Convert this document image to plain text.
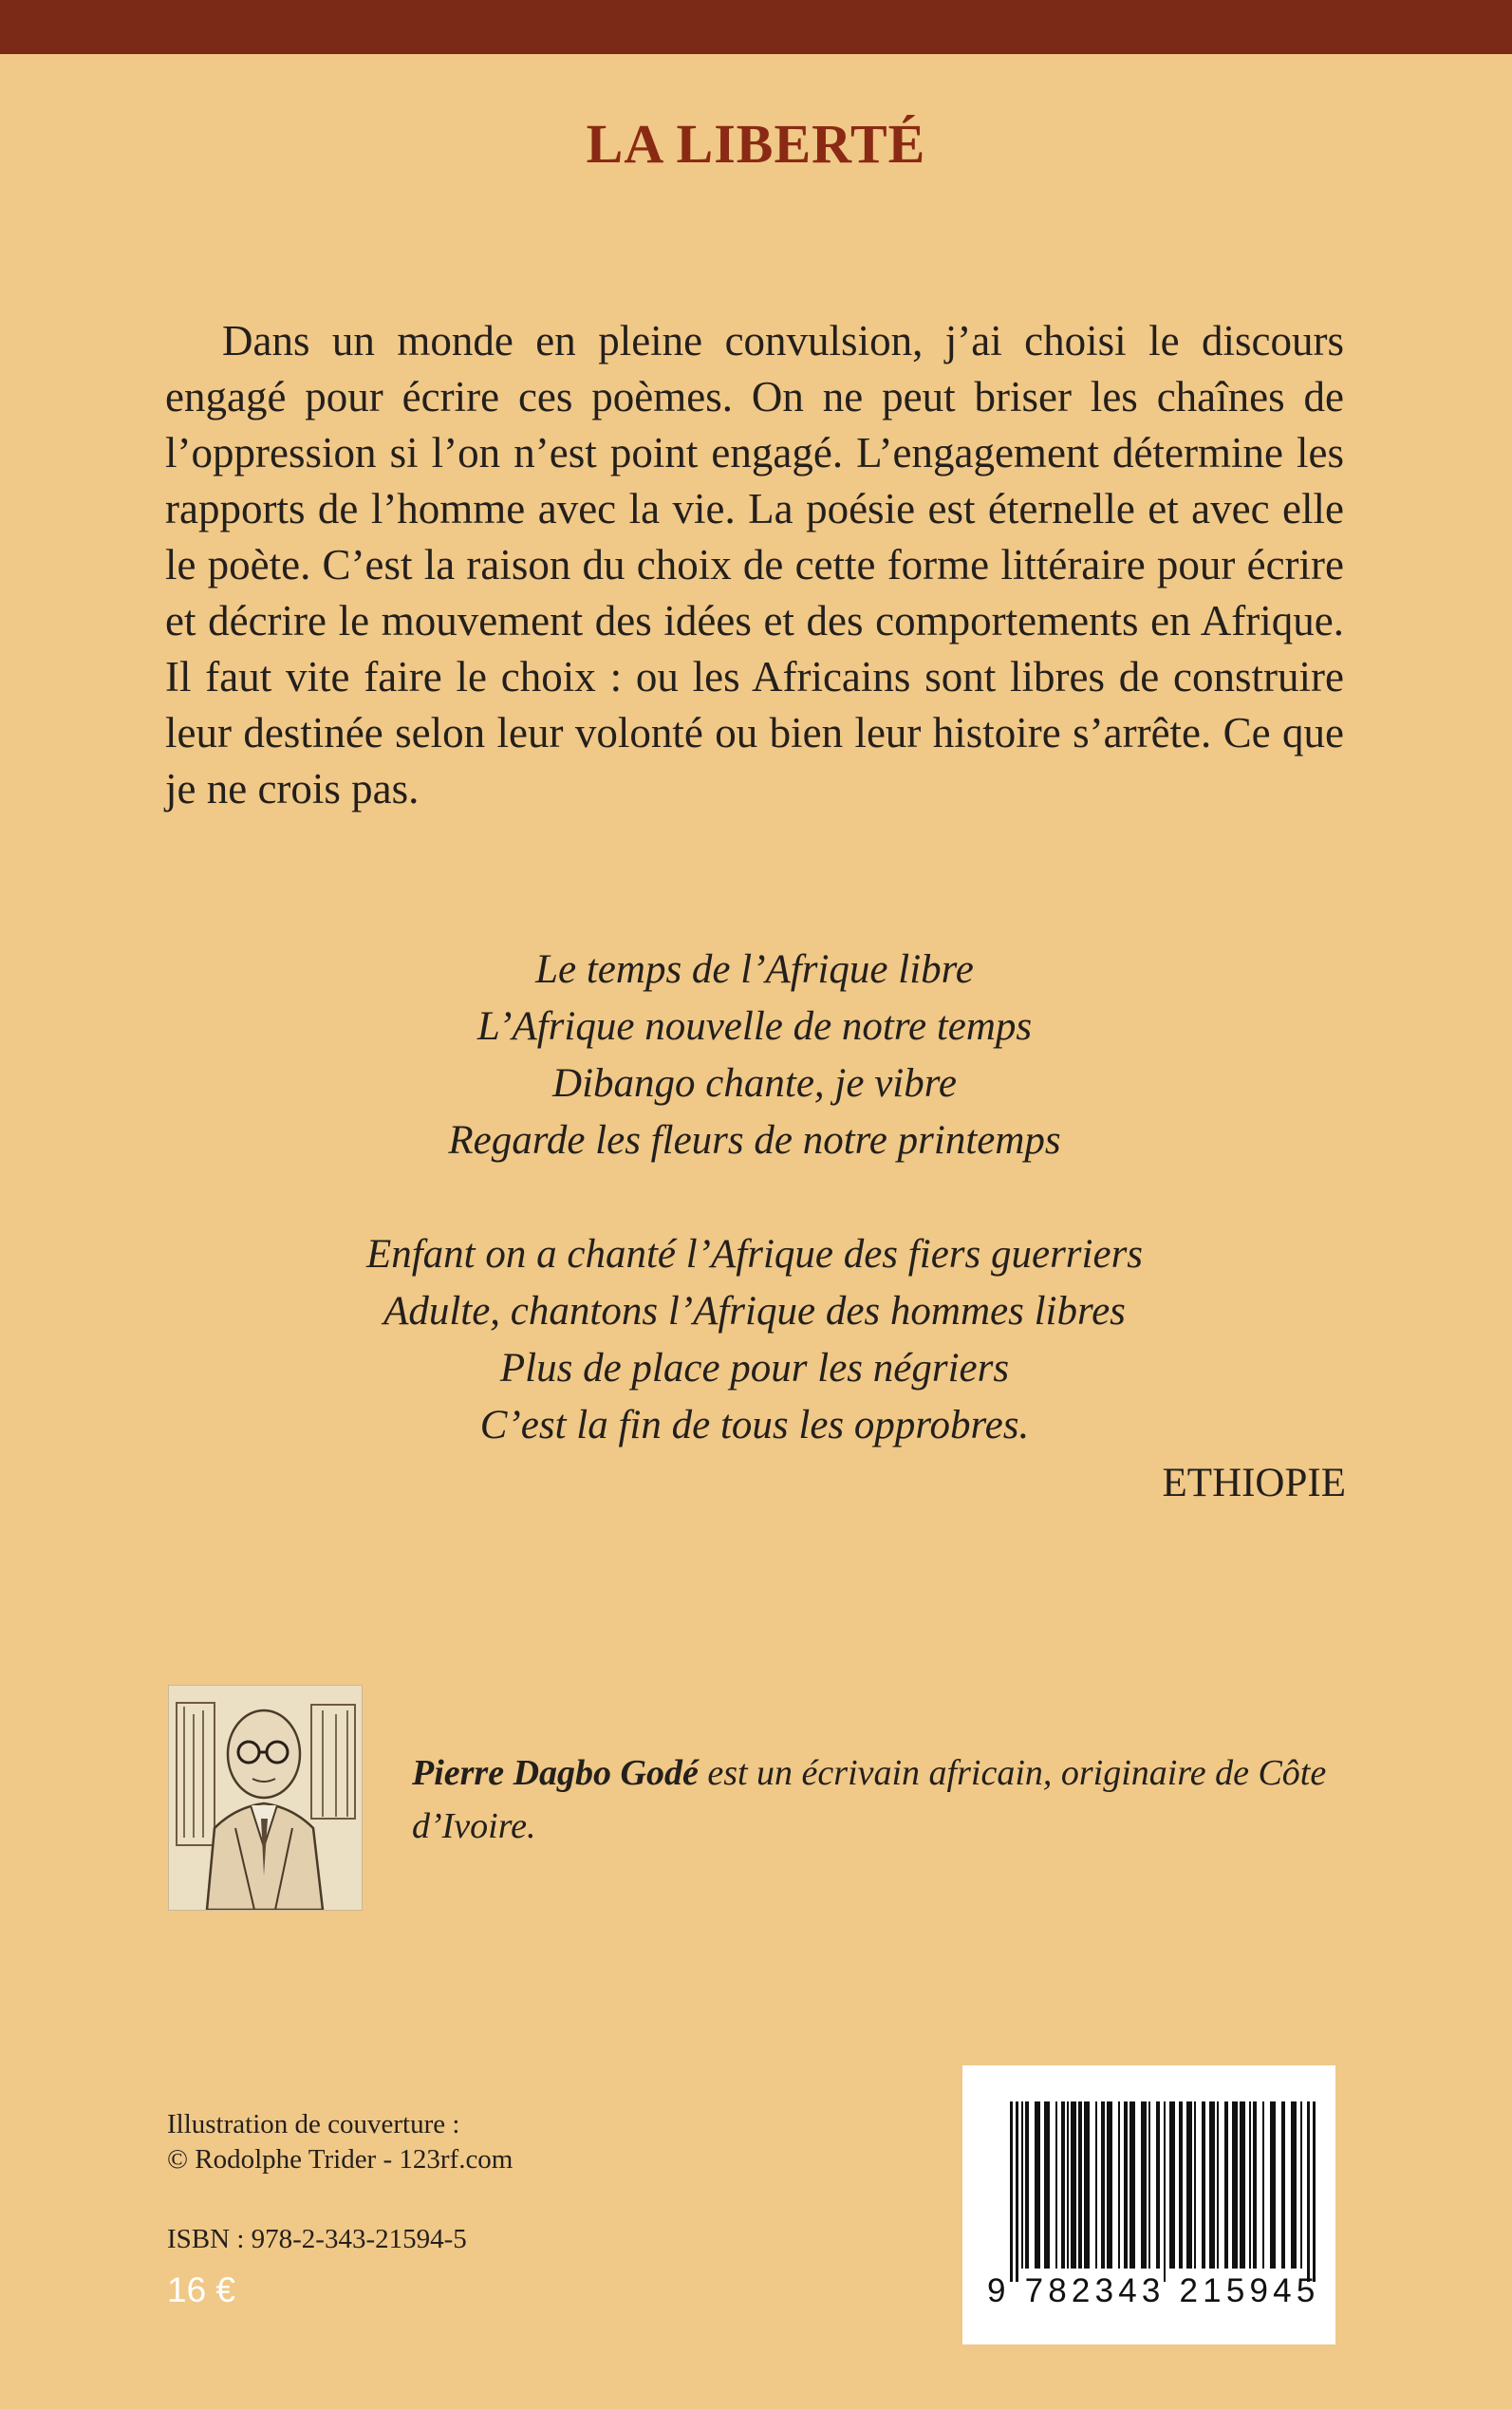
LA LIBERTÉ

Dans un monde en pleine convulsion, j’ai choisi le discours engagé pour écrire ces poèmes. On ne peut briser les chaînes de l’oppression si l’on n’est point engagé. L’engagement détermine les rapports de l’homme avec la vie. La poésie est éternelle et avec elle le poète. C’est la raison du choix de cette forme littéraire pour écrire et décrire le mouvement des idées et des comportements en Afrique. Il faut vite faire le choix : ou les Africains sont libres de construire leur destinée selon leur volonté ou bien leur histoire s’arrête. Ce que je ne crois pas.

Le temps de l’Afrique libre
L’Afrique nouvelle de notre temps
Dibango chante, je vibre
Regarde les fleurs de notre printemps
Enfant on a chanté l’Afrique des fiers guerriers
Adulte, chantons l’Afrique des hommes libres
Plus de place pour les négriers
C’est la fin de tous les opprobres.
ETHIOPIE

Pierre Dagbo Godé est un écrivain africain, originaire de Côte d’Ivoire.

Illustration de couverture :
© Rodolphe Trider - 123rf.com
ISBN : 978-2-343-21594-5
16 €	9 782343 215945
